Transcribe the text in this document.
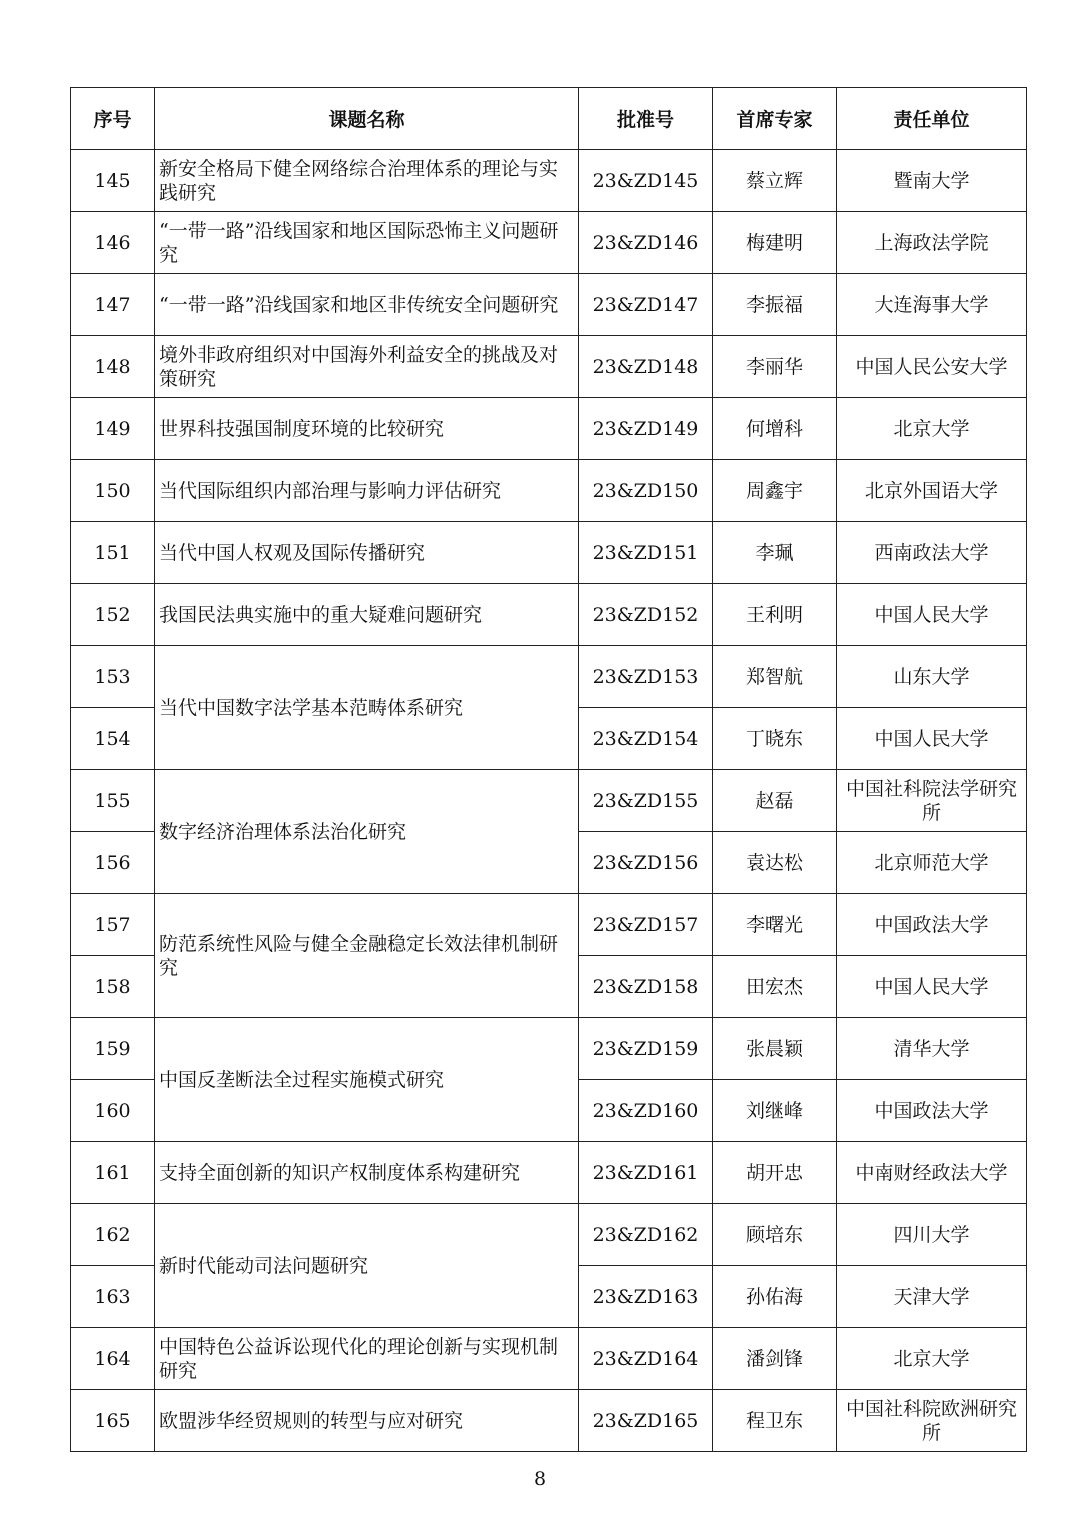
序号	课题名称	批准号	首席专家	责任单位
145	新安全格局下健全网络综合治理体系的理论与实践研究	23&ZD145	蔡立辉	暨南大学
146	“一带一路”沿线国家和地区国际恐怖主义问题研究	23&ZD146	梅建明	上海政法学院
147	“一带一路”沿线国家和地区非传统安全问题研究	23&ZD147	李振福	大连海事大学
148	境外非政府组织对中国海外利益安全的挑战及对策研究	23&ZD148	李丽华	中国人民公安大学
149	世界科技强国制度环境的比较研究	23&ZD149	何增科	北京大学
150	当代国际组织内部治理与影响力评估研究	23&ZD150	周鑫宇	北京外国语大学
151	当代中国人权观及国际传播研究	23&ZD151	李珮	西南政法大学
152	我国民法典实施中的重大疑难问题研究	23&ZD152	王利明	中国人民大学
153	当代中国数字法学基本范畴体系研究	23&ZD153	郑智航	山东大学
154		23&ZD154	丁晓东	中国人民大学
155	数字经济治理体系法治化研究	23&ZD155	赵磊	中国社科院法学研究所
156		23&ZD156	袁达松	北京师范大学
157	防范系统性风险与健全金融稳定长效法律机制研究	23&ZD157	李曙光	中国政法大学
158		23&ZD158	田宏杰	中国人民大学
159	中国反垄断法全过程实施模式研究	23&ZD159	张晨颖	清华大学
160		23&ZD160	刘继峰	中国政法大学
161	支持全面创新的知识产权制度体系构建研究	23&ZD161	胡开忠	中南财经政法大学
162	新时代能动司法问题研究	23&ZD162	顾培东	四川大学
163		23&ZD163	孙佑海	天津大学
164	中国特色公益诉讼现代化的理论创新与实现机制研究	23&ZD164	潘剑锋	北京大学
165	欧盟涉华经贸规则的转型与应对研究	23&ZD165	程卫东	中国社科院欧洲研究所
8
